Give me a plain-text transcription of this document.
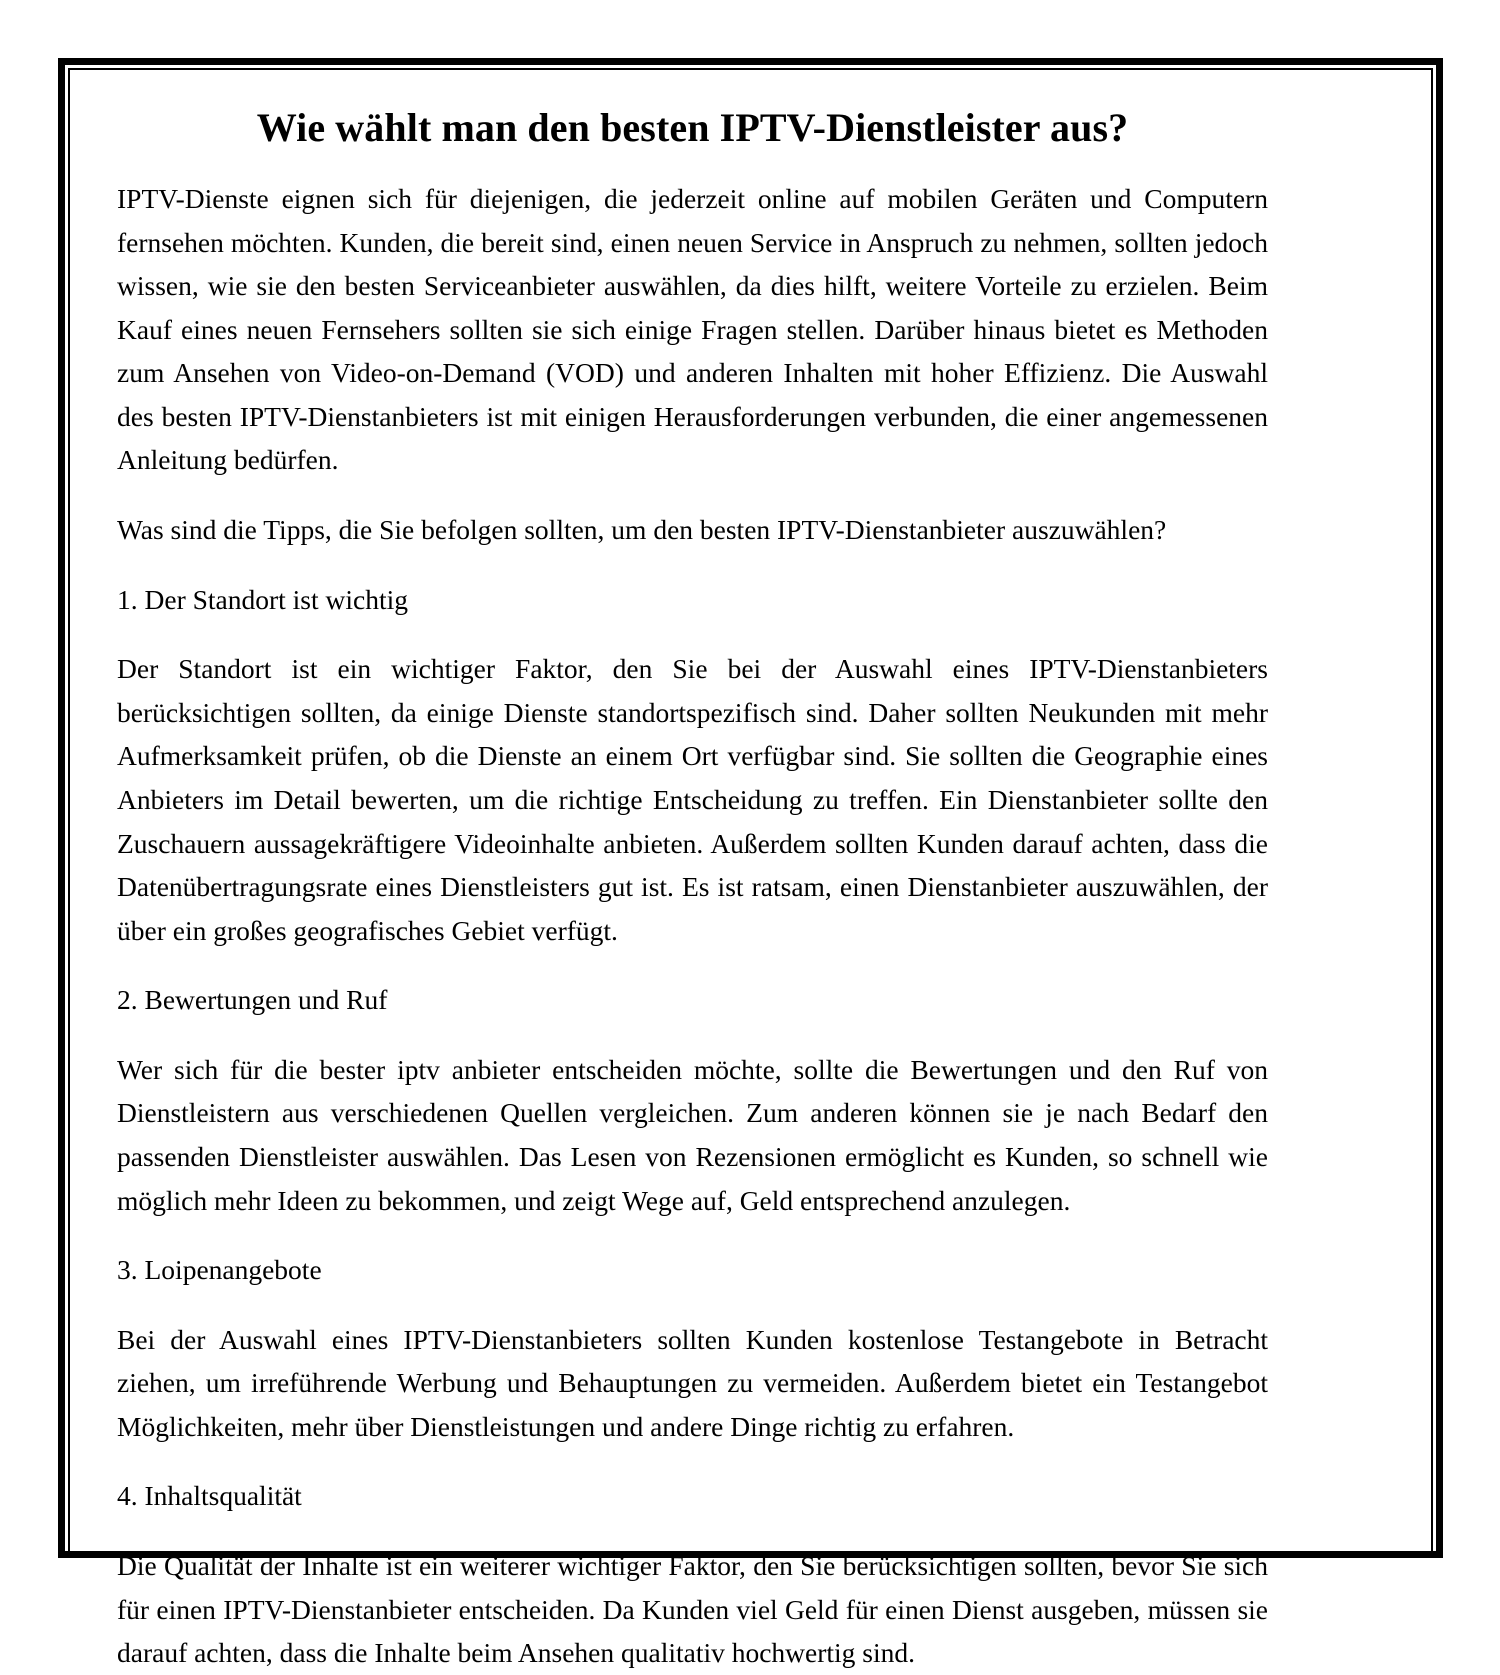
Wie wählt man den besten IPTV-Dienstleister aus?

IPTV-Dienste eignen sich für diejenigen, die jederzeit online auf mobilen Geräten und Computern fernsehen möchten. Kunden, die bereit sind, einen neuen Service in Anspruch zu nehmen, sollten jedoch wissen, wie sie den besten Serviceanbieter auswählen, da dies hilft, weitere Vorteile zu erzielen. Beim Kauf eines neuen Fernsehers sollten sie sich einige Fragen stellen. Darüber hinaus bietet es Methoden zum Ansehen von Video-on-Demand (VOD) und anderen Inhalten mit hoher Effizienz. Die Auswahl des besten IPTV-Dienstanbieters ist mit einigen Herausforderungen verbunden, die einer angemessenen Anleitung bedürfen.

Was sind die Tipps, die Sie befolgen sollten, um den besten IPTV-Dienstanbieter auszuwählen?

1. Der Standort ist wichtig

Der Standort ist ein wichtiger Faktor, den Sie bei der Auswahl eines IPTV-Dienstanbieters berücksichtigen sollten, da einige Dienste standortspezifisch sind. Daher sollten Neukunden mit mehr Aufmerksamkeit prüfen, ob die Dienste an einem Ort verfügbar sind. Sie sollten die Geographie eines Anbieters im Detail bewerten, um die richtige Entscheidung zu treffen. Ein Dienstanbieter sollte den Zuschauern aussagekräftigere Videoinhalte anbieten. Außerdem sollten Kunden darauf achten, dass die Datenübertragungsrate eines Dienstleisters gut ist. Es ist ratsam, einen Dienstanbieter auszuwählen, der über ein großes geografisches Gebiet verfügt.

2. Bewertungen und Ruf

Wer sich für die bester iptv anbieter entscheiden möchte, sollte die Bewertungen und den Ruf von Dienstleistern aus verschiedenen Quellen vergleichen. Zum anderen können sie je nach Bedarf den passenden Dienstleister auswählen. Das Lesen von Rezensionen ermöglicht es Kunden, so schnell wie möglich mehr Ideen zu bekommen, und zeigt Wege auf, Geld entsprechend anzulegen.

3. Loipenangebote

Bei der Auswahl eines IPTV-Dienstanbieters sollten Kunden kostenlose Testangebote in Betracht ziehen, um irreführende Werbung und Behauptungen zu vermeiden. Außerdem bietet ein Testangebot Möglichkeiten, mehr über Dienstleistungen und andere Dinge richtig zu erfahren.

4. Inhaltsqualität

Die Qualität der Inhalte ist ein weiterer wichtiger Faktor, den Sie berücksichtigen sollten, bevor Sie sich für einen IPTV-Dienstanbieter entscheiden. Da Kunden viel Geld für einen Dienst ausgeben, müssen sie darauf achten, dass die Inhalte beim Ansehen qualitativ hochwertig sind.
